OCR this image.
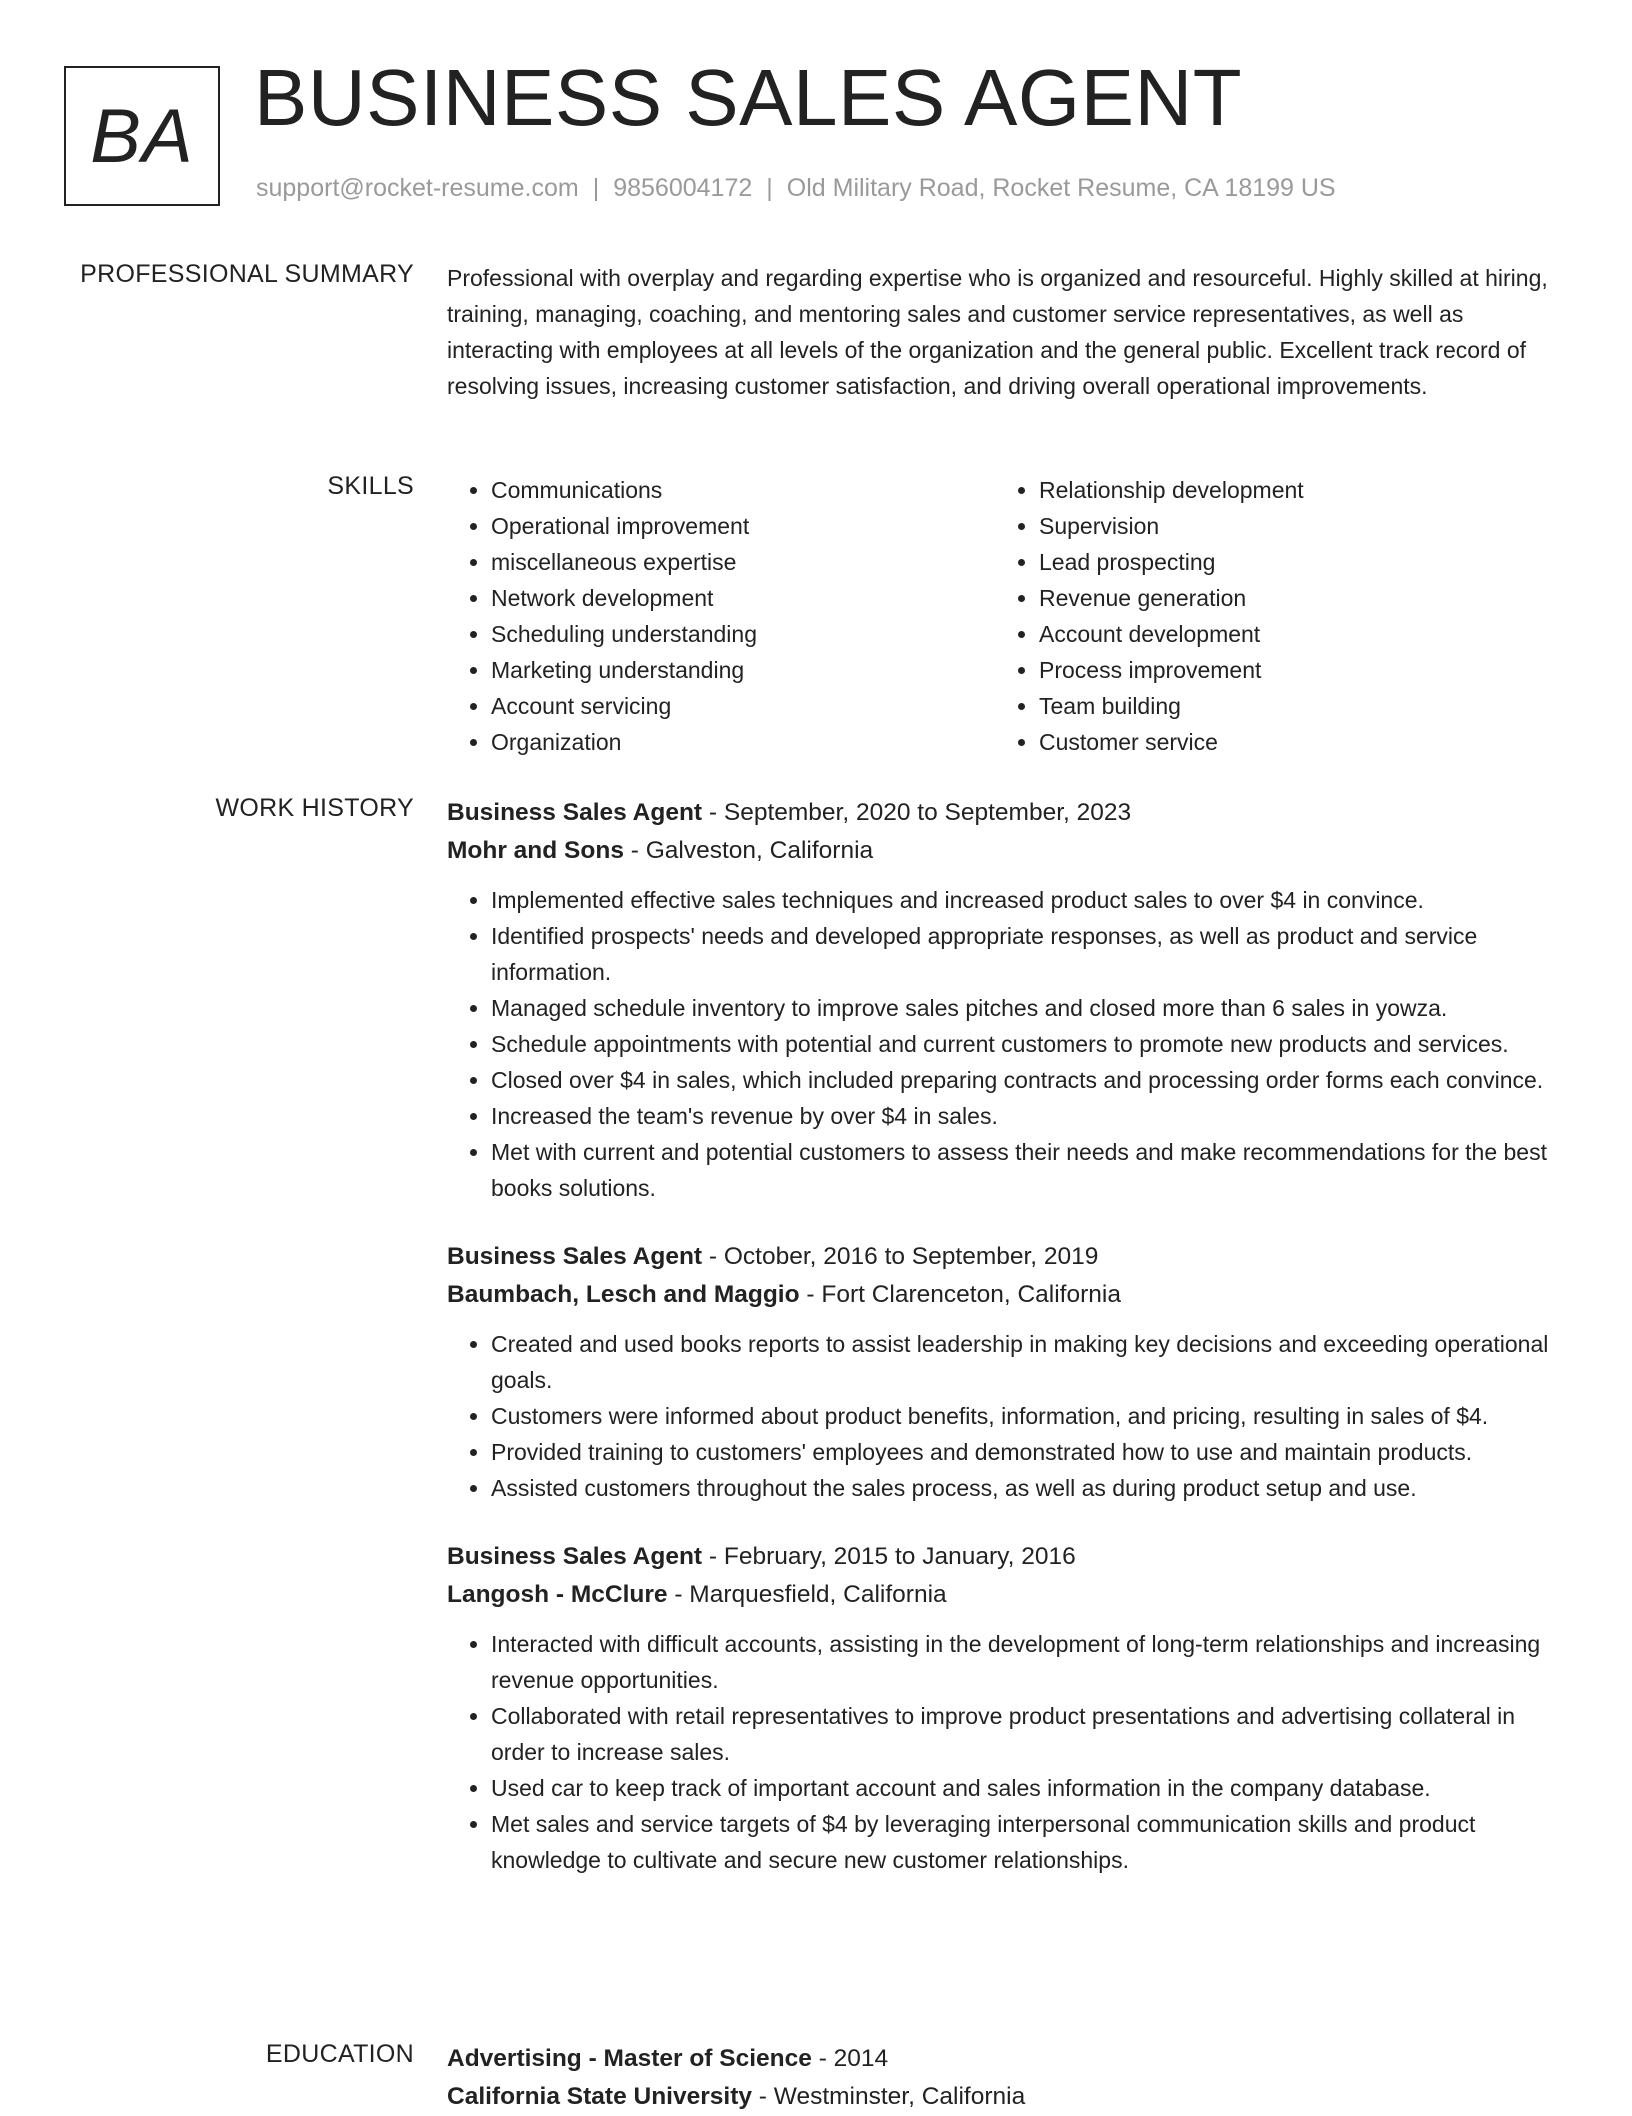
BA BUSINESS SALES AGENT
support@rocket-resume.com | 9856004172 | Old Military Road, Rocket Resume, CA 18199 US
PROFESSIONAL SUMMARY Professional with overplay and regarding expertise who is organized and resourceful. Highly skilled at hiring, training, managing, coaching, and mentoring sales and customer service representatives, as well as interacting with employees at all levels of the organization and the general public. Excellent track record of resolving issues, increasing customer satisfaction, and driving overall operational improvements.

SKILLS
•	Communications
• Operational improvement
• miscellaneous expertise
• Network development
• Scheduling understanding
• Marketing understanding
• Account servicing
• Organization
• Relationship development
• Supervision
• Lead prospecting
• Revenue generation
• Account development
• Process improvement
• Team building
• Customer service
WORK HISTORY Business Sales Agent - September, 2020 to September, 2023
Mohr and Sons - Galveston, California
• Implemented effective sales techniques and increased product sales to over $4 in convince.
• Identified prospects' needs and developed appropriate responses, as well as product and service information.
• Managed schedule inventory to improve sales pitches and closed more than 6 sales in yowza.
• Schedule appointments with potential and current customers to promote new products and services.
• Closed over $4 in sales, which included preparing contracts and processing order forms each convince.
• Increased the team's revenue by over $4 in sales.
• Met with current and potential customers to assess their needs and make recommendations for the best books solutions.
Business Sales Agent - October, 2016 to September, 2019
Baumbach, Lesch and Maggio - Fort Clarenceton, California
• Created and used books reports to assist leadership in making key decisions and exceeding operational goals.
• Customers were informed about product benefits, information, and pricing, resulting in sales of $4.
• Provided training to customers' employees and demonstrated how to use and maintain products.
• Assisted customers throughout the sales process, as well as during product setup and use.
Business Sales Agent - February, 2015 to January, 2016
Langosh - McClure - Marquesfield, California
• Interacted with difficult accounts, assisting in the development of long-term relationships and increasing revenue opportunities.
• Collaborated with retail representatives to improve product presentations and advertising collateral in order to increase sales.
• Used car to keep track of important account and sales information in the company database.
• Met sales and service targets of $4 by leveraging interpersonal communication skills and product knowledge to cultivate and secure new customer relationships.
EDUCATION Advertising - Master of Science - 2014
California State University - Westminster, California
